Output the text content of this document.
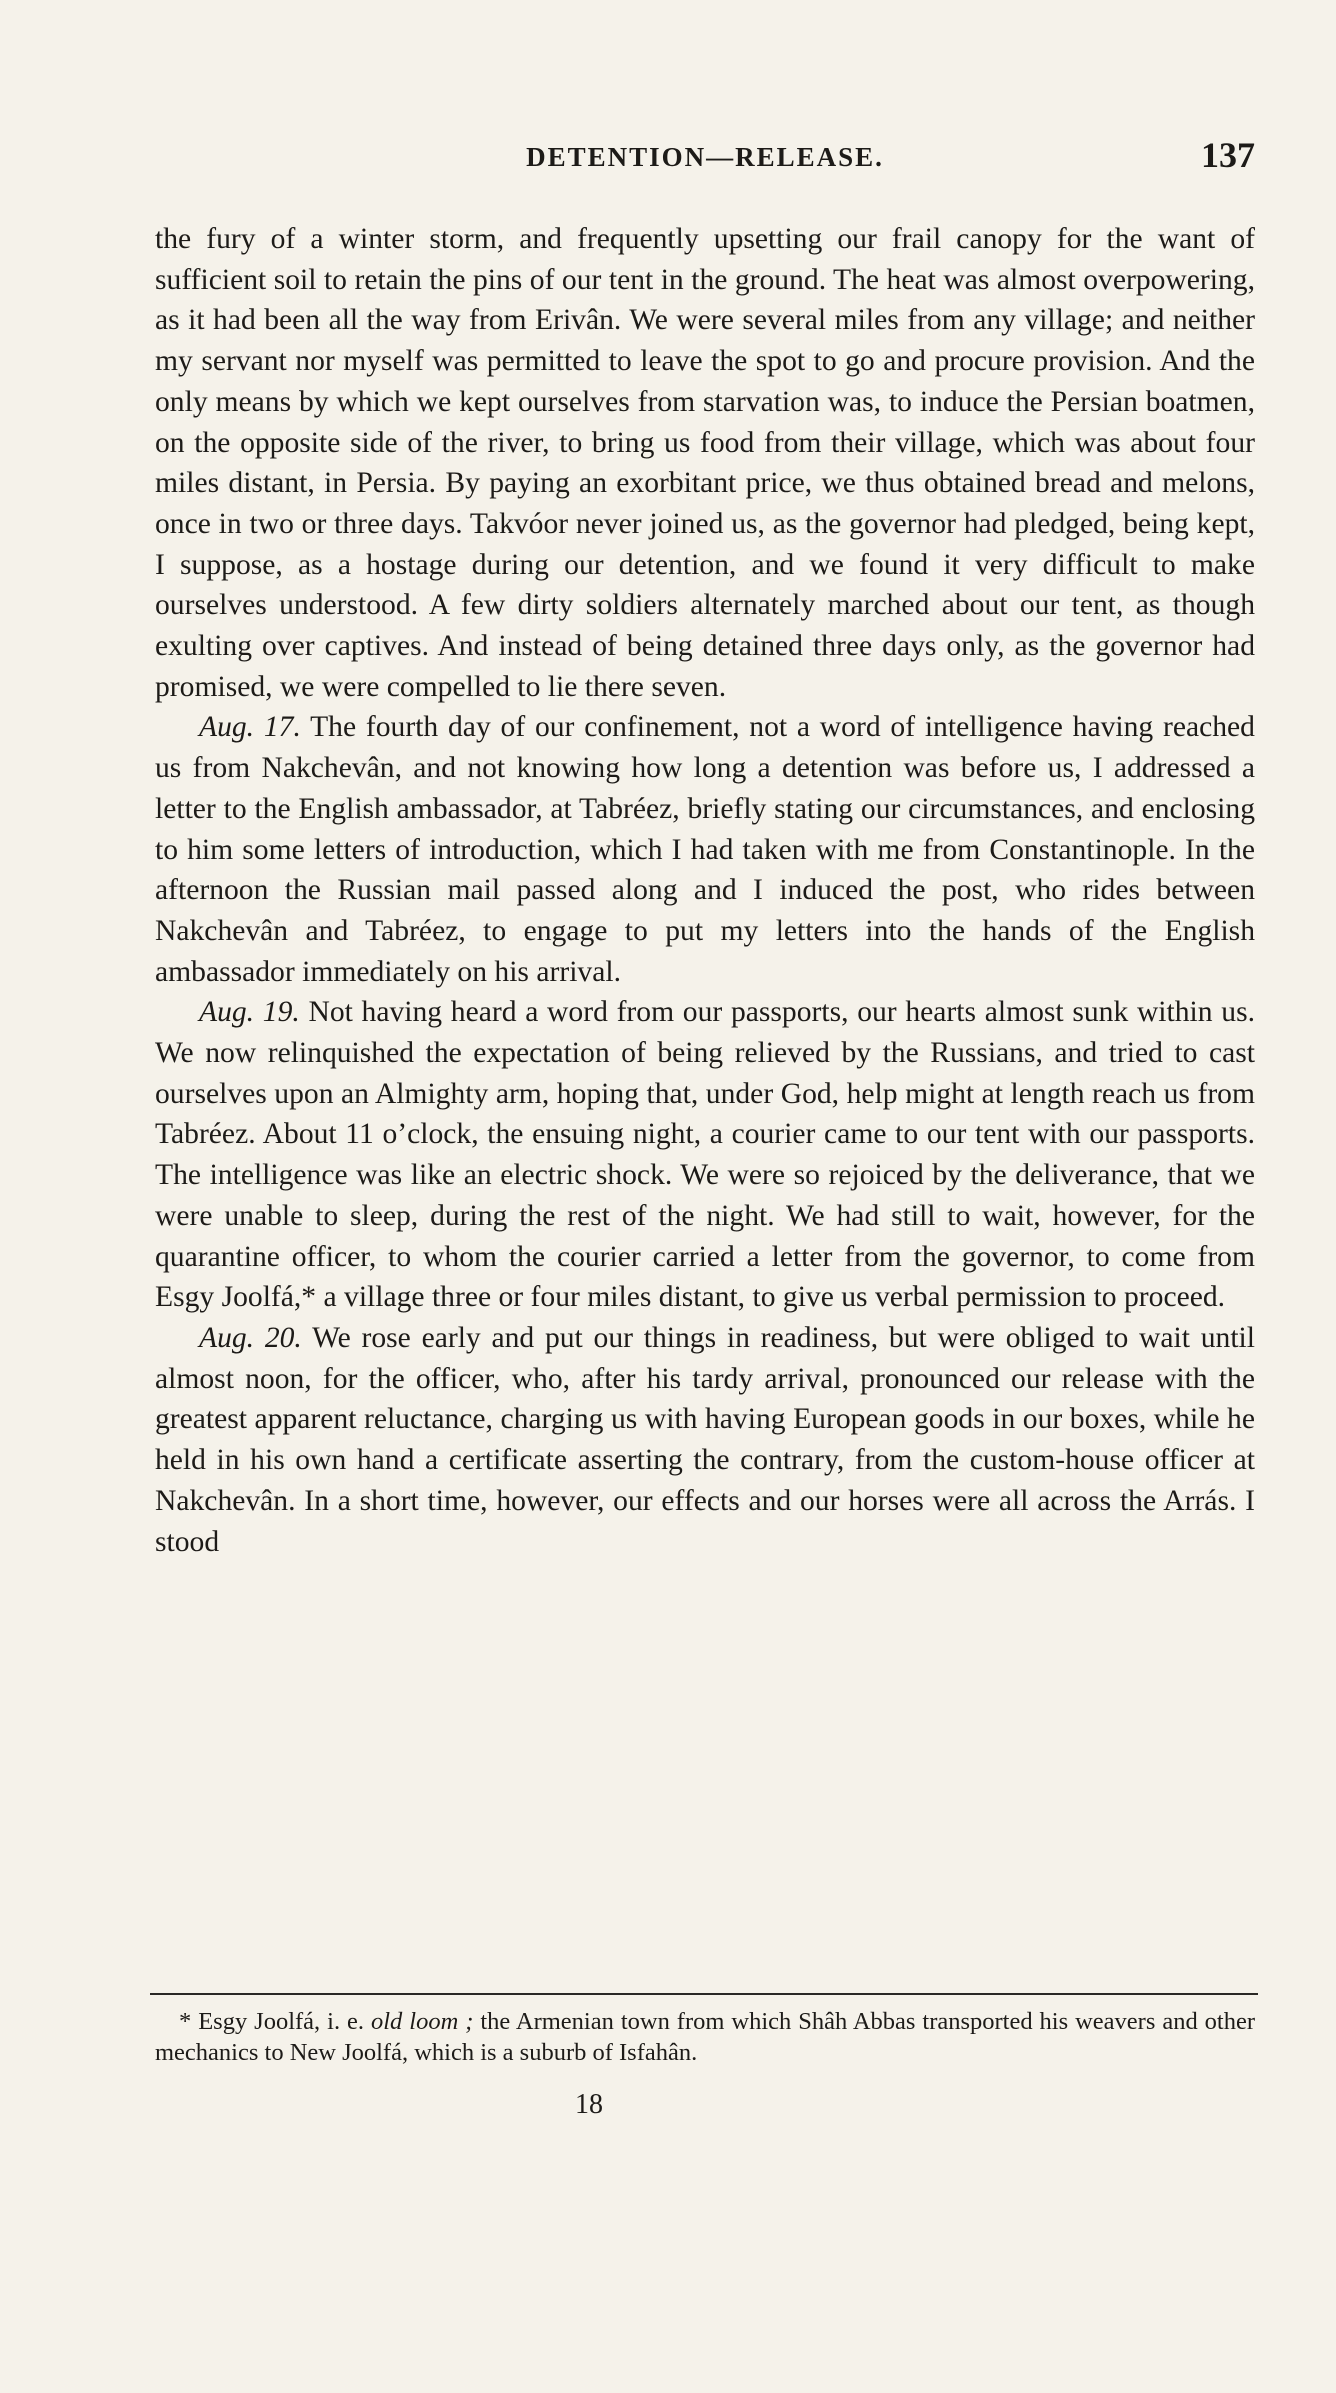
DETENTION—RELEASE.	137

the fury of a winter storm, and frequently upsetting our frail canopy for the want of sufficient soil to retain the pins of our tent in the ground. The heat was almost overpowering, as it had been all the way from Erivân. We were several miles from any village; and neither my servant nor myself was permitted to leave the spot to go and procure provision. And the only means by which we kept ourselves from starvation was, to induce the Persian boatmen, on the opposite side of the river, to bring us food from their village, which was about four miles distant, in Persia. By paying an exorbitant price, we thus obtained bread and melons, once in two or three days. Takvóor never joined us, as the governor had pledged, being kept, I suppose, as a hostage during our detention, and we found it very difficult to make ourselves understood. A few dirty soldiers alternately marched about our tent, as though exulting over captives. And instead of being detained three days only, as the governor had promised, we were compelled to lie there seven.

Aug. 17. The fourth day of our confinement, not a word of intelligence having reached us from Nakchevân, and not knowing how long a detention was before us, I addressed a letter to the English ambassador, at Tabréez, briefly stating our circumstances, and enclosing to him some letters of introduction, which I had taken with me from Constantinople. In the afternoon the Russian mail passed along and I induced the post, who rides between Nakchevân and Tabréez, to engage to put my letters into the hands of the English ambassador immediately on his arrival.

Aug. 19. Not having heard a word from our passports, our hearts almost sunk within us. We now relinquished the expectation of being relieved by the Russians, and tried to cast ourselves upon an Almighty arm, hoping that, under God, help might at length reach us from Tabréez. About 11 o’clock, the ensuing night, a courier came to our tent with our passports. The intelligence was like an electric shock. We were so rejoiced by the deliverance, that we were unable to sleep, during the rest of the night. We had still to wait, however, for the quarantine officer, to whom the courier carried a letter from the governor, to come from Esgy Joolfá,* a village three or four miles distant, to give us verbal permission to proceed.

Aug. 20. We rose early and put our things in readiness, but were obliged to wait until almost noon, for the officer, who, after his tardy arrival, pronounced our release with the greatest apparent reluctance, charging us with having European goods in our boxes, while he held in his own hand a certificate asserting the contrary, from the custom-house officer at Nakchevân. In a short time, however, our effects and our horses were all across the Arrás. I stood

* Esgy Joolfá, i. e. old loom ; the Armenian town from which Shâh Abbas transported his weavers and other mechanics to New Joolfá, which is a suburb of Isfahân.

18
